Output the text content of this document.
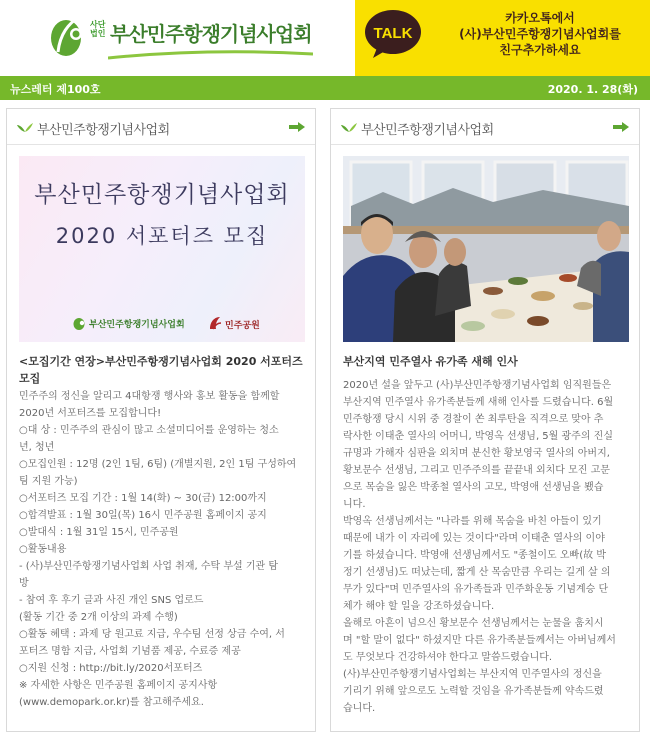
사단
법인 부산민주항쟁기념사업회	TALK
카카오톡에서
(사)부산민주항쟁기념사업회를
친구추가하세요
뉴스레터 제100호	2020. 1. 28(화)
부산민주항쟁기념사업회
부산민주항쟁기념사업회
2020 서포터즈 모집
부산민주항쟁기념사업회	민주공원
<모집기간 연장>부산민주항쟁기념사업회 2020 서포터즈
모집
민주주의 정신을 알리고 4대항쟁 행사와 홍보 활동을 함께할
2020년 서포터즈를 모집합니다!
○대 상 : 민주주의 관심이 많고 소셜미디어를 운영하는 청소
년, 청년
○모집인원 : 12명 (2인 1팀, 6팀) (개별지원, 2인 1팀 구성하여
팀 지원 가능)
○서포터즈 모집 기간 : 1월 14(화) ~ 30(금) 12:00까지
○합격발표 : 1월 30일(목) 16시 민주공원 홈페이지 공지
○발대식 : 1월 31일 15시, 민주공원
○활동내용
- (사)부산민주항쟁기념사업회 사업 취재, 수탁 부설 기관 탐
방
- 참여 후 후기 글과 사진 개인 SNS 업로드
(활동 기간 중 2개 이상의 과제 수행)
○활동 혜택 : 과제 당 원고료 지급, 우수팀 선정 상금 수여, 서
포터즈 명함 지급, 사업회 기념품 제공, 수료증 제공
○지원 신청 : http://bit.ly/2020서포터즈
※ 자세한 사항은 민주공원 홈페이지 공지사항
(www.demopark.or.kr)를 참고해주세요.
부산민주항쟁기념사업회
부산지역 민주열사 유가족 새해 인사
2020년 설을 앞두고 (사)부산민주항쟁기념사업회 임직원들은
부산지역 민주열사 유가족분들께 새해 인사를 드렸습니다. 6월
민주항쟁 당시 시위 중 경찰이 쏜 최루탄을 직격으로 맞아 추
락사한 이태춘 열사의 어머니, 박영옥 선생님, 5월 광주의 진실
규명과 가해자 심판을 외치며 분신한 황보영국 열사의 아버지,
황보문수 선생님, 그리고 민주주의를 끝끝내 외치다 모진 고문
으로 목숨을 잃은 박종철 열사의 고모, 박영애 선생님을 뵀습
니다.
박영옥 선생님께서는 "나라를 위해 목숨을 바친 아들이 있기
때문에 내가 이 자리에 있는 것이다"라며 이태춘 열사의 이야
기를 하셨습니다. 박영애 선생님께서도 "종철이도 오빠(故 박
정기 선생님)도 떠났는데, 짧게 산 목숨만큼 우리는 길게 살 의
무가 있다"며 민주열사의 유가족들과 민주화운동 기념계승 단
체가 해야 할 일을 강조하셨습니다.
올해로 아흔이 넘으신 황보문수 선생님께서는 눈물을 훔치시
며 "할 말이 없다" 하셨지만 다른 유가족분들께서는 아버님께서
도 무엇보다 건강하셔야 한다고 말씀드렸습니다.
(사)부산민주항쟁기념사업회는 부산지역 민주열사의 정신을
기리기 위해 앞으로도 노력할 것임을 유가족분들께 약속드렸
습니다.
